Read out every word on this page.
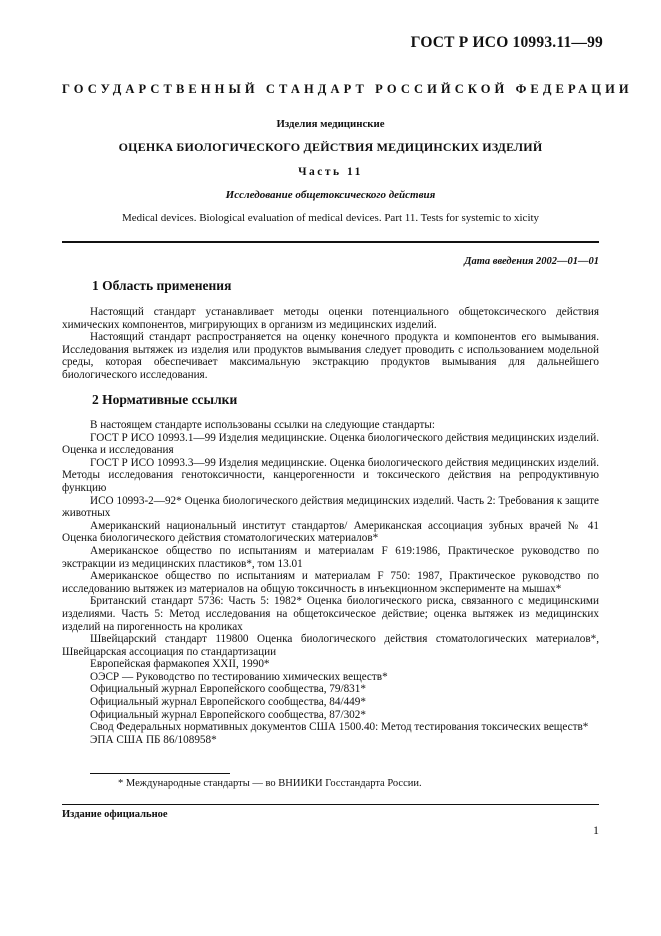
ГОСТ Р ИСО 10993.11—99
ГОСУДАРСТВЕННЫЙ СТАНДАРТ РОССИЙСКОЙ ФЕДЕРАЦИИ
Изделия медицинские
ОЦЕНКА БИОЛОГИЧЕСКОГО ДЕЙСТВИЯ МЕДИЦИНСКИХ ИЗДЕЛИЙ
Часть 11
Исследование общетоксического действия
Medical devices. Biological evaluation of medical devices. Part 11. Tests for systemic to xicity
Дата введения 2002—01—01
1 Область применения

Настоящий стандарт устанавливает методы оценки потенциального общетоксического действия химических компонентов, мигрирующих в организм из медицинских изделий.

Настоящий стандарт распространяется на оценку конечного продукта и компонентов его вымывания. Исследования вытяжек из изделия или продуктов вымывания следует проводить с использованием модельной среды, которая обеспечивает максимальную экстракцию продуктов вымывания для дальнейшего биологического исследования.

2 Нормативные ссылки

В настоящем стандарте использованы ссылки на следующие стандарты:

ГОСТ Р ИСО 10993.1—99 Изделия медицинские. Оценка биологического действия медицинских изделий. Оценка и исследования

ГОСТ Р ИСО 10993.3—99 Изделия медицинские. Оценка биологического действия медицинских изделий. Методы исследования генотоксичности, канцерогенности и токсического действия на репродуктивную функцию

ИСО 10993-2—92* Оценка биологического действия медицинских изделий. Часть 2: Требования к защите животных

Американский национальный институт стандартов/ Американская ассоциация зубных врачей № 41 Оценка биологического действия стоматологических материалов*

Американское общество по испытаниям и материалам F 619:1986, Практическое руководство по экстракции из медицинских пластиков*, том 13.01

Американское общество по испытаниям и материалам F 750: 1987, Практическое руководство по исследованию вытяжек из материалов на общую токсичность в инъекционном эксперименте на мышах*

Британский стандарт 5736: Часть 5: 1982* Оценка биологического риска, связанного с медицинскими изделиями. Часть 5: Метод исследования на общетоксическое действие; оценка вытяжек из медицинских изделий на пирогенность на кроликах

Швейцарский стандарт 119800 Оценка биологического действия стоматологических материалов*, Швейцарская ассоциация по стандартизации

Европейская фармакопея XXII, 1990*

ОЭСР — Руководство по тестированию химических веществ*

Официальный журнал Европейского сообщества, 79/831*

Официальный журнал Европейского сообщества, 84/449*

Официальный журнал Европейского сообщества, 87/302*

Свод Федеральных нормативных документов США 1500.40: Метод тестирования токсических веществ*

ЭПА США ПБ 86/108958*

* Международные стандарты — во ВНИИКИ Госстандарта России.
Издание официальное
1
